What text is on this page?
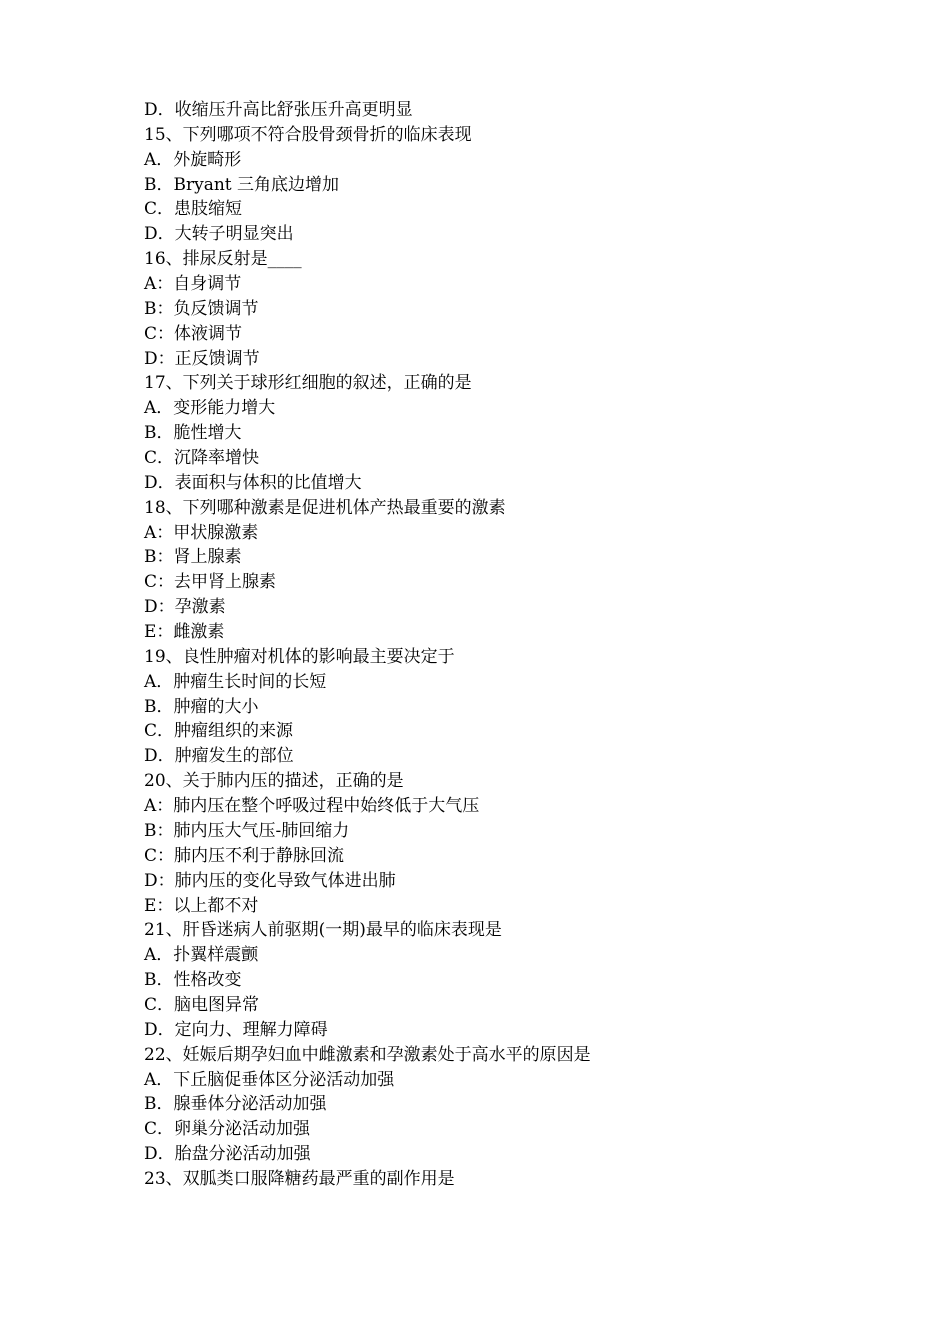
D．收缩压升高比舒张压升高更明显
15、下列哪项不符合股骨颈骨折的临床表现
A．外旋畸形
B．Bryant 三角底边增加
C．患肢缩短
D．大转子明显突出
16、排尿反射是____
A：自身调节
B：负反馈调节
C：体液调节
D：正反馈调节
17、下列关于球形红细胞的叙述，正确的是
A．变形能力增大
B．脆性增大
C．沉降率增快
D．表面积与体积的比值增大
18、下列哪种激素是促进机体产热最重要的激素
A：甲状腺激素
B：肾上腺素
C：去甲肾上腺素
D：孕激素
E：雌激素
19、良性肿瘤对机体的影响最主要决定于
A．肿瘤生长时间的长短
B．肿瘤的大小
C．肿瘤组织的来源
D．肿瘤发生的部位
20、关于肺内压的描述，正确的是
A：肺内压在整个呼吸过程中始终低于大气压
B：肺内压大气压-肺回缩力
C：肺内压不利于静脉回流
D：肺内压的变化导致气体进出肺
E：以上都不对
21、肝昏迷病人前驱期(一期)最早的临床表现是
A．扑翼样震颤
B．性格改变
C．脑电图异常
D．定向力、理解力障碍
22、妊娠后期孕妇血中雌激素和孕激素处于高水平的原因是
A．下丘脑促垂体区分泌活动加强
B．腺垂体分泌活动加强
C．卵巢分泌活动加强
D．胎盘分泌活动加强
23、双胍类口服降糖药最严重的副作用是
